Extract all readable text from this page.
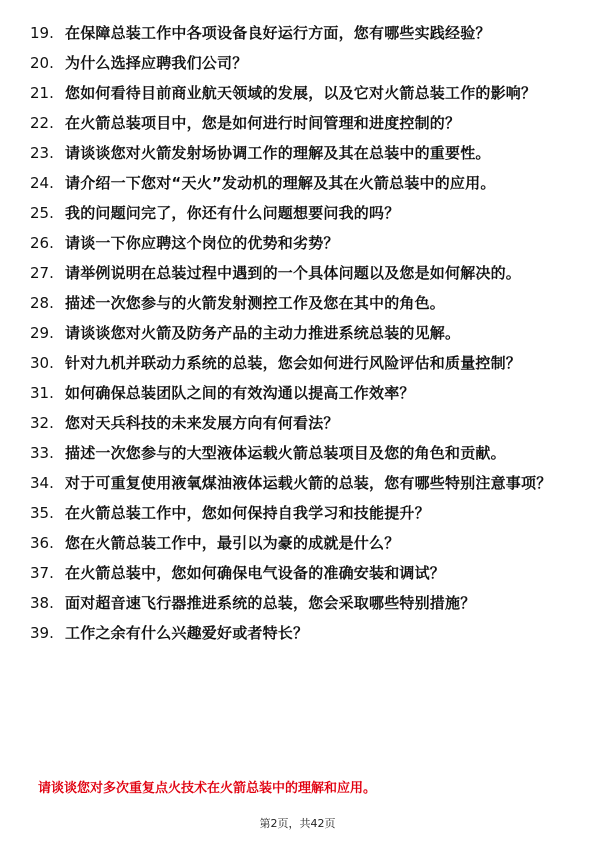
19. 在保障总装工作中各项设备良好运行方面，您有哪些实践经验？
20. 为什么选择应聘我们公司？
21. 您如何看待目前商业航天领域的发展，以及它对火箭总装工作的影响？
22. 在火箭总装项目中，您是如何进行时间管理和进度控制的？
23. 请谈谈您对火箭发射场协调工作的理解及其在总装中的重要性。
24. 请介绍一下您对“天火”发动机的理解及其在火箭总装中的应用。
25. 我的问题问完了，你还有什么问题想要问我的吗？
26. 请谈一下你应聘这个岗位的优势和劣势？
27. 请举例说明在总装过程中遇到的一个具体问题以及您是如何解决的。
28. 描述一次您参与的火箭发射测控工作及您在其中的角色。
29. 请谈谈您对火箭及防务产品的主动力推进系统总装的见解。
30. 针对九机并联动力系统的总装，您会如何进行风险评估和质量控制？
31. 如何确保总装团队之间的有效沟通以提高工作效率？
32. 您对天兵科技的未来发展方向有何看法？
33. 描述一次您参与的大型液体运载火箭总装项目及您的角色和贡献。
34. 对于可重复使用液氧煤油液体运载火箭的总装，您有哪些特别注意事项？
35. 在火箭总装工作中，您如何保持自我学习和技能提升？
36. 您在火箭总装工作中，最引以为豪的成就是什么？
37. 在火箭总装中，您如何确保电气设备的准确安装和调试？
38. 面对超音速飞行器推进系统的总装，您会采取哪些特别措施？
39. 工作之余有什么兴趣爱好或者特长？
请谈谈您对多次重复点火技术在火箭总装中的理解和应用。
第2页，共42页
